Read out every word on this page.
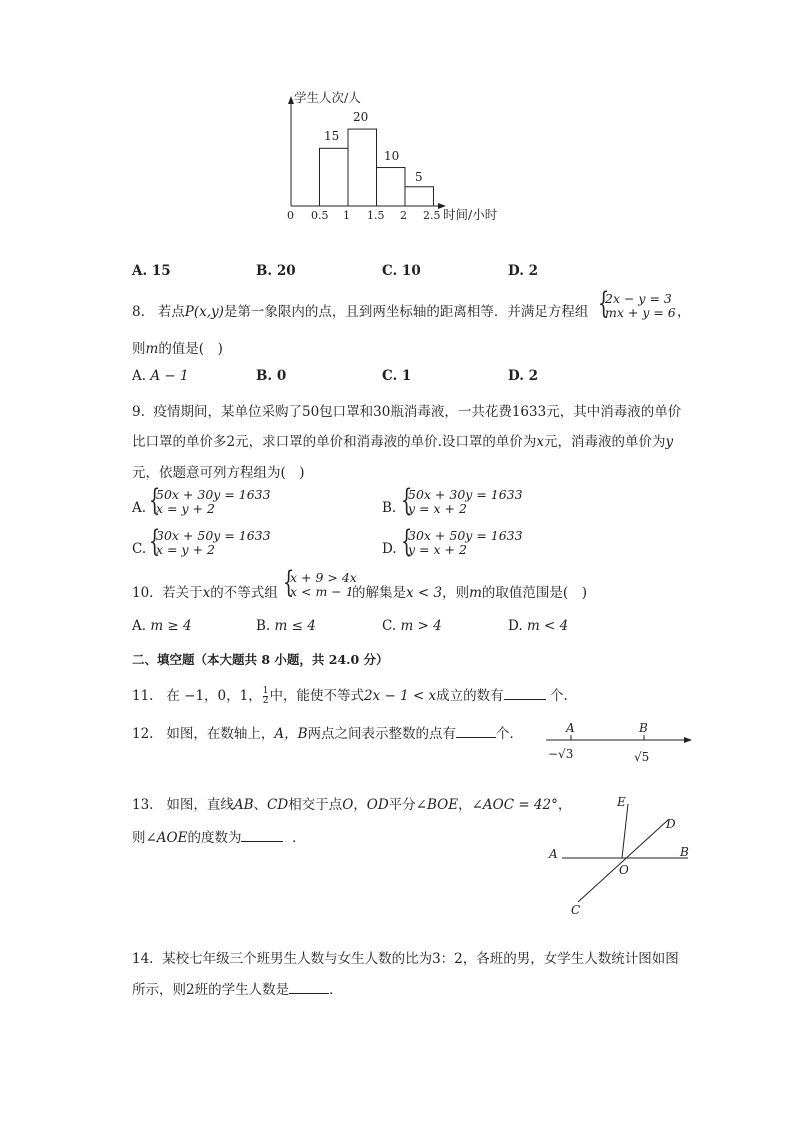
学生人次/人
时间/小时
0 0.5 1 1.5 2 2.5
15
20
10
5
A. 15	B. 20	C. 10	D. 2
8. 若点P(x,y)是第一象限内的点，且到两坐标轴的距离相等．并满足方程组 {
2x − y = 3
mx + y = 6 ，
则m的值是(　)
A. A − 1	B. 0	C. 1	D. 2
9. 疫情期间，某单位采购了50包口罩和30瓶消毒液，一共花费1633元，其中消毒液的单价
比口罩的单价多2元，求口罩的单价和消毒液的单价.设口罩的单价为x元，消毒液的单价为y
元，依题意可列方程组为(　)
A. {
50x + 30y = 1633
x = y + 2	B. {
50x + 30y = 1633
y = x + 2
C. {
30x + 50y = 1633
x = y + 2	D. {
30x + 50y = 1633
y = x + 2
10. 若关于x的不等式组 {
x + 9 > 4x
x < m − 1
的解集是x < 3，则m的取值范围是(　)
A. m ≥ 4	B. m ≤ 4	C. m > 4	D. m < 4
二、填空题（本大题共 8 小题，共 24.0 分）
11. 在 −1，0，1， $\frac{1}{2}$ 中，能使不等式2x − 1 < x成立的数有	个.
12. 如图，在数轴上，A，B两点之间表示整数的点有	个．	A	B
−√3	√5
13. 如图，直线AB、CD相交于点O，OD平分∠BOE，∠AOC = 42°，
则∠AOE的度数为	．
E
D
A	B
O
C
14. 某校七年级三个班男生人数与女生人数的比为3：2，各班的男，女学生人数统计图如图
所示，则2班的学生人数是	．
